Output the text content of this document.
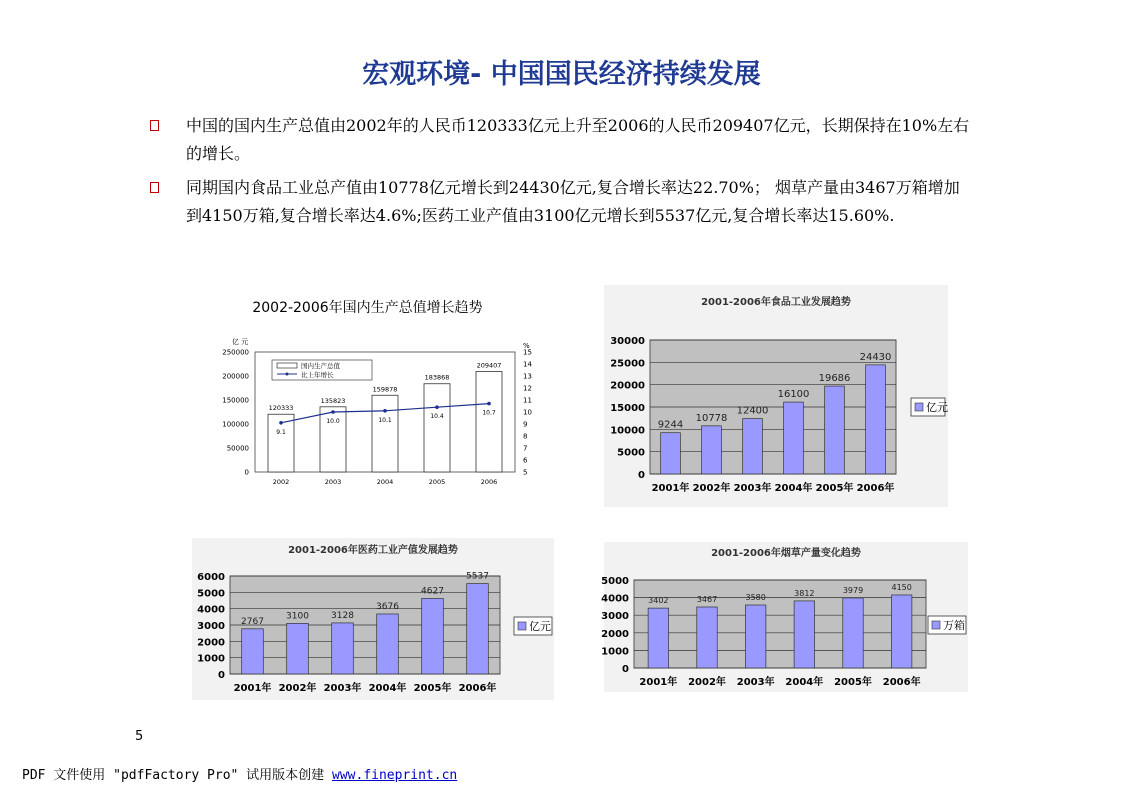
宏观环境- 中国国民经济持续发展
中国的国内生产总值由2002年的人民币120333亿元上升至2006的人民币209407亿元，长期保持在10%左右的增长。
同期国内食品工业总产值由10778亿元增长到24430亿元,复合增长率达22.70%； 烟草产量由3467万箱增加到4150万箱,复合增长率达4.6%;医药工业产值由3100亿元增长到5537亿元,复合增长率达15.60%.
2002-2006年国内生产总值增长趋势
亿 元	%
0
50000
100000
150000
200000
250000
5
6
7
8
9
10
11
12
13
14
15
120333
2002
135823
2003
159878
2004
183868
2005
209407
2006
9.1
10.0	10.1
10.4
10.7
国内生产总值
比上年增长
2001-2006年食品工业发展趋势
0
5000
10000
15000
20000
25000
30000
9244
2001年
10778
2002年
12400
2003年
16100
2004年
19686
2005年
24430
2006年
亿元
2001-2006年医药工业产值发展趋势
0
1000
2000
3000
4000
5000
6000
2767
2001年
3100
2002年
3128
2003年
3676
2004年
4627
2005年
5537
2006年
亿元
2001-2006年烟草产量变化趋势
0
1000
2000
3000
4000
5000
3402
2001年
3467
2002年
3580
2003年
3812
2004年
3979
2005年
4150
2006年
万箱
5
PDF 文件使用 "pdfFactory Pro" 试用版本创建 www.fineprint.cn
